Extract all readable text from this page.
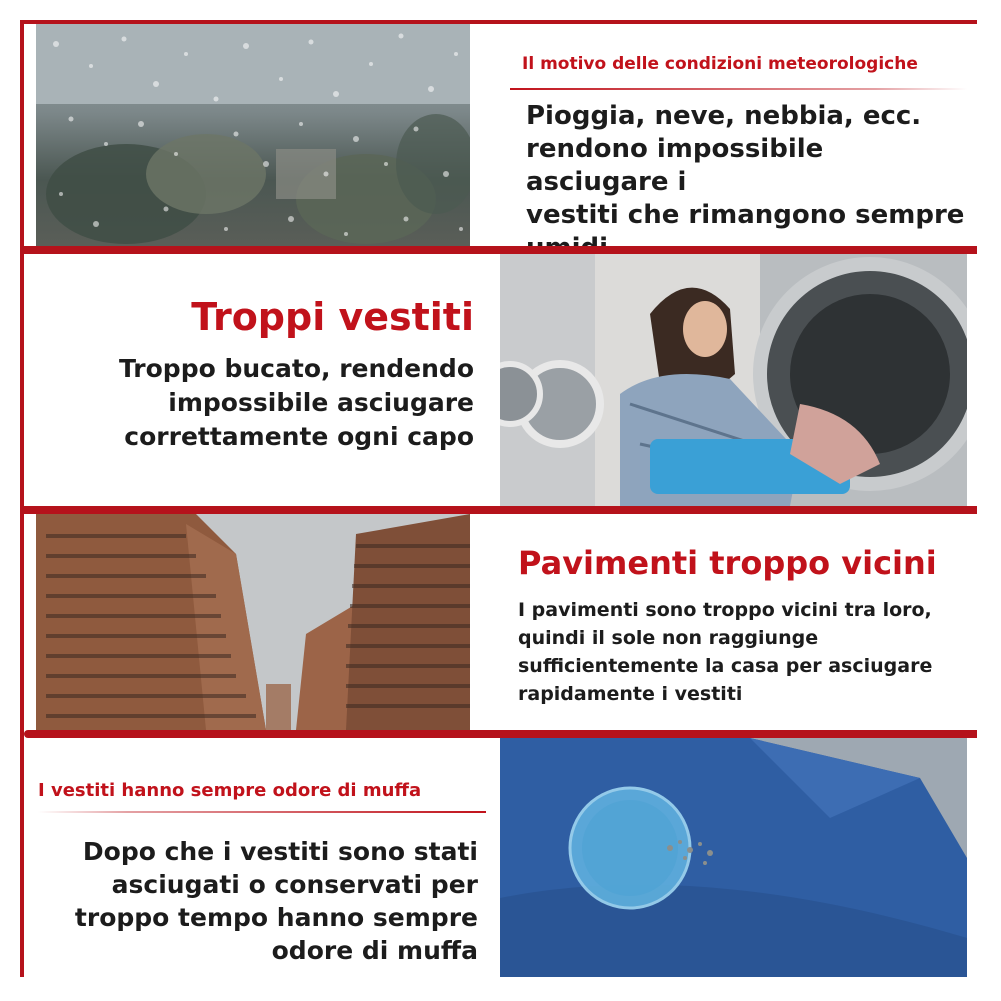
Il motivo delle condizioni meteorologiche
Pioggia, neve, nebbia, ecc.
rendono impossibile asciugare i
vestiti che rimangono sempre
Troppi vestiti
Troppo bucato, rendendo
impossibile asciugare
correttamente ogni capo
Pavimenti troppo vicini
I pavimenti sono troppo vicini tra loro,
quindi il sole non raggiunge
sufficientemente la casa per asciugare
rapidamente i vestiti
I vestiti hanno sempre odore di muffa
Dopo che i vestiti sono stati
asciugati o conservati per
troppo tempo hanno sempre
odore di muffa
